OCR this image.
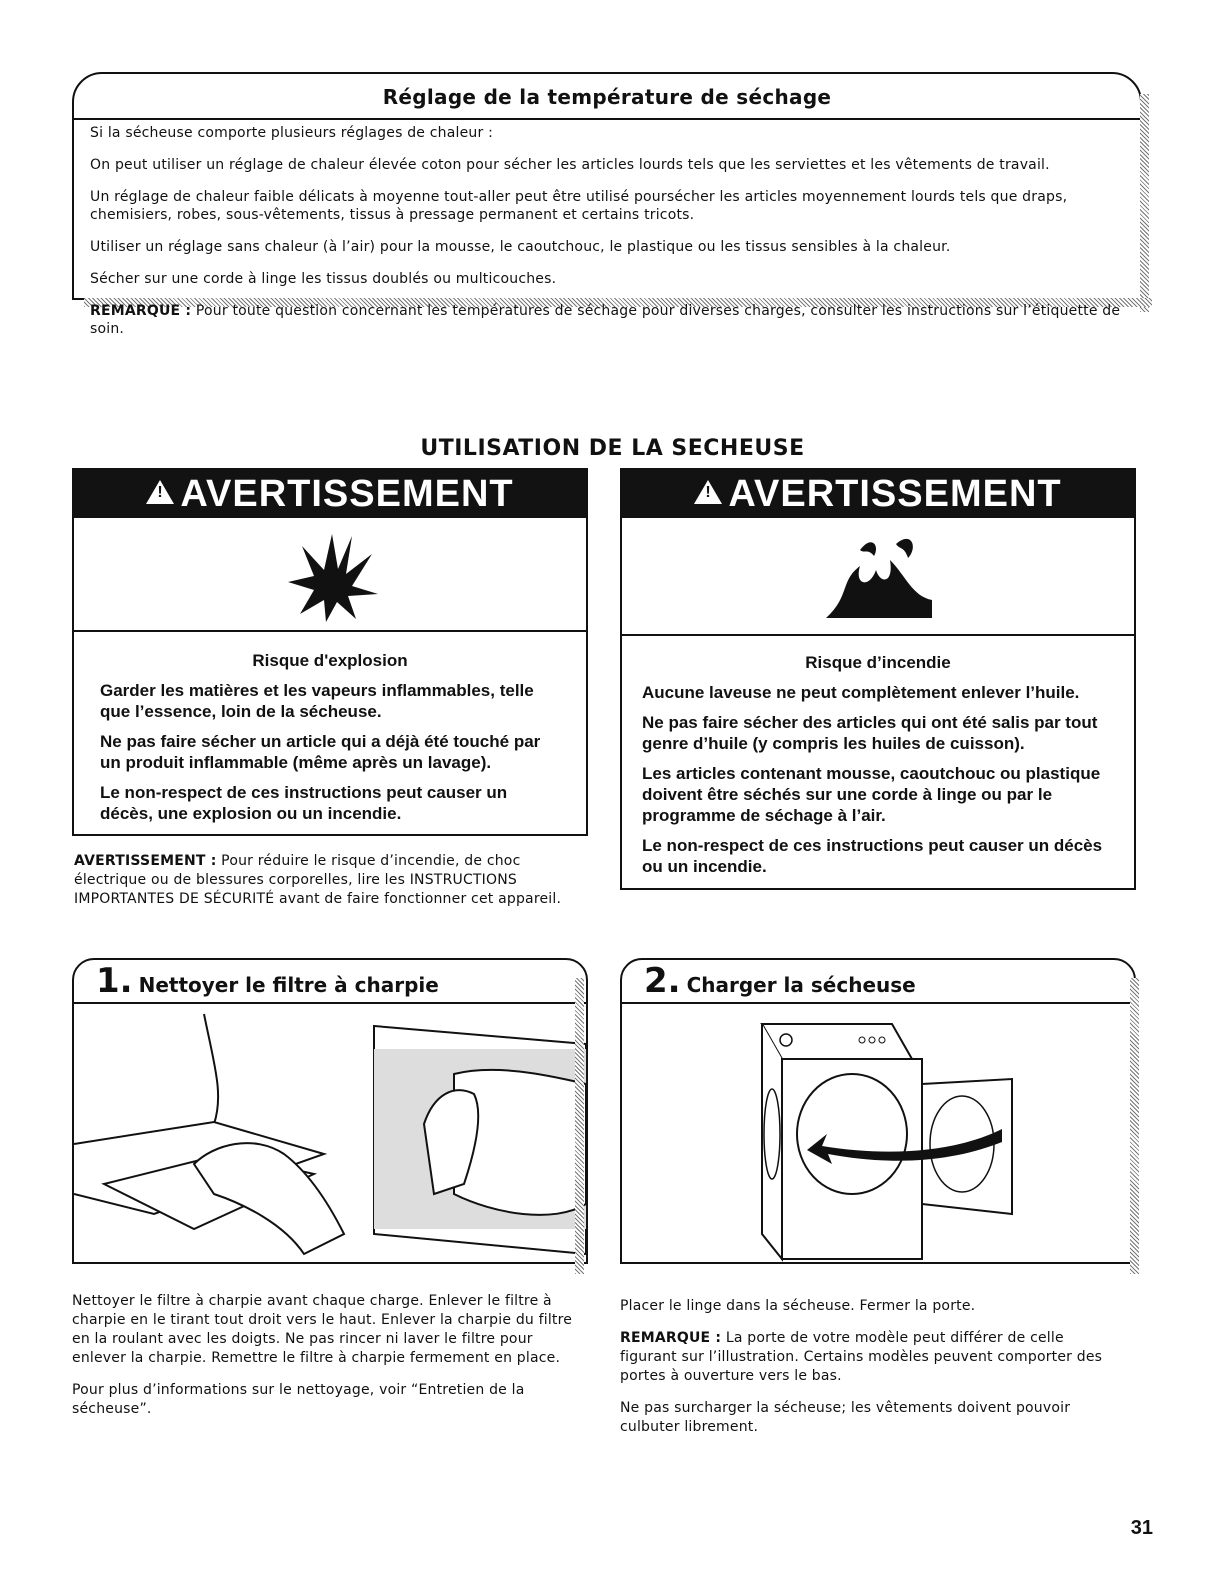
Réglage de la température de séchage

Si la sécheuse comporte plusieurs réglages de chaleur :

On peut utiliser un réglage de chaleur élevée coton pour sécher les articles lourds tels que les serviettes et les vêtements de travail.

Un réglage de chaleur faible délicats à moyenne tout-aller peut être utilisé poursécher les articles moyennement lourds tels que draps, chemisiers, robes, sous-vêtements, tissus à pressage permanent et certains tricots.

Utiliser un réglage sans chaleur (à l’air) pour la mousse, le caoutchouc, le plastique ou les tissus sensibles à la chaleur.

Sécher sur une corde à linge les tissus doublés ou multicouches.

REMARQUE : Pour toute question concernant les températures de séchage pour diverses charges, consulter les instructions sur l’étiquette de soin.

UTILISATION DE LA SECHEUSE
!AVERTISSEMENT
Risque d'explosion

Garder les matières et les vapeurs inflammables, telle que l’essence, loin de la sécheuse.

Ne pas faire sécher un article qui a déjà été touché par un produit inflammable (même après un lavage).

Le non-respect de ces instructions peut causer un décès, une explosion ou un incendie.

AVERTISSEMENT : Pour réduire le risque d’incendie, de choc électrique ou de blessures corporelles, lire les INSTRUCTIONS IMPORTANTES DE SÉCURITÉ avant de faire fonctionner cet appareil.
!AVERTISSEMENT
Risque d’incendie

Aucune laveuse ne peut complètement enlever l’huile.

Ne pas faire sécher des articles qui ont été salis par tout genre d’huile (y compris les huiles de cuisson).

Les articles contenant mousse, caoutchouc ou plastique doivent être séchés sur une corde à linge ou par le programme de séchage à l’air.

Le non-respect de ces instructions peut causer un décès ou un incendie.

1. Nettoyer le filtre à charpie

Nettoyer le filtre à charpie avant chaque charge. Enlever le filtre à charpie en le tirant tout droit vers le haut. Enlever la charpie du filtre en la roulant avec les doigts. Ne pas rincer ni laver le filtre pour enlever la charpie. Remettre le filtre à charpie fermement en place.

Pour plus d’informations sur le nettoyage, voir “Entretien de la sécheuse”.

2. Charger la sécheuse

Placer le linge dans la sécheuse. Fermer la porte.

REMARQUE : La porte de votre modèle peut différer de celle figurant sur l’illustration. Certains modèles peuvent comporter des portes à ouverture vers le bas.

Ne pas surcharger la sécheuse; les vêtements doivent pouvoir culbuter librement.

31
